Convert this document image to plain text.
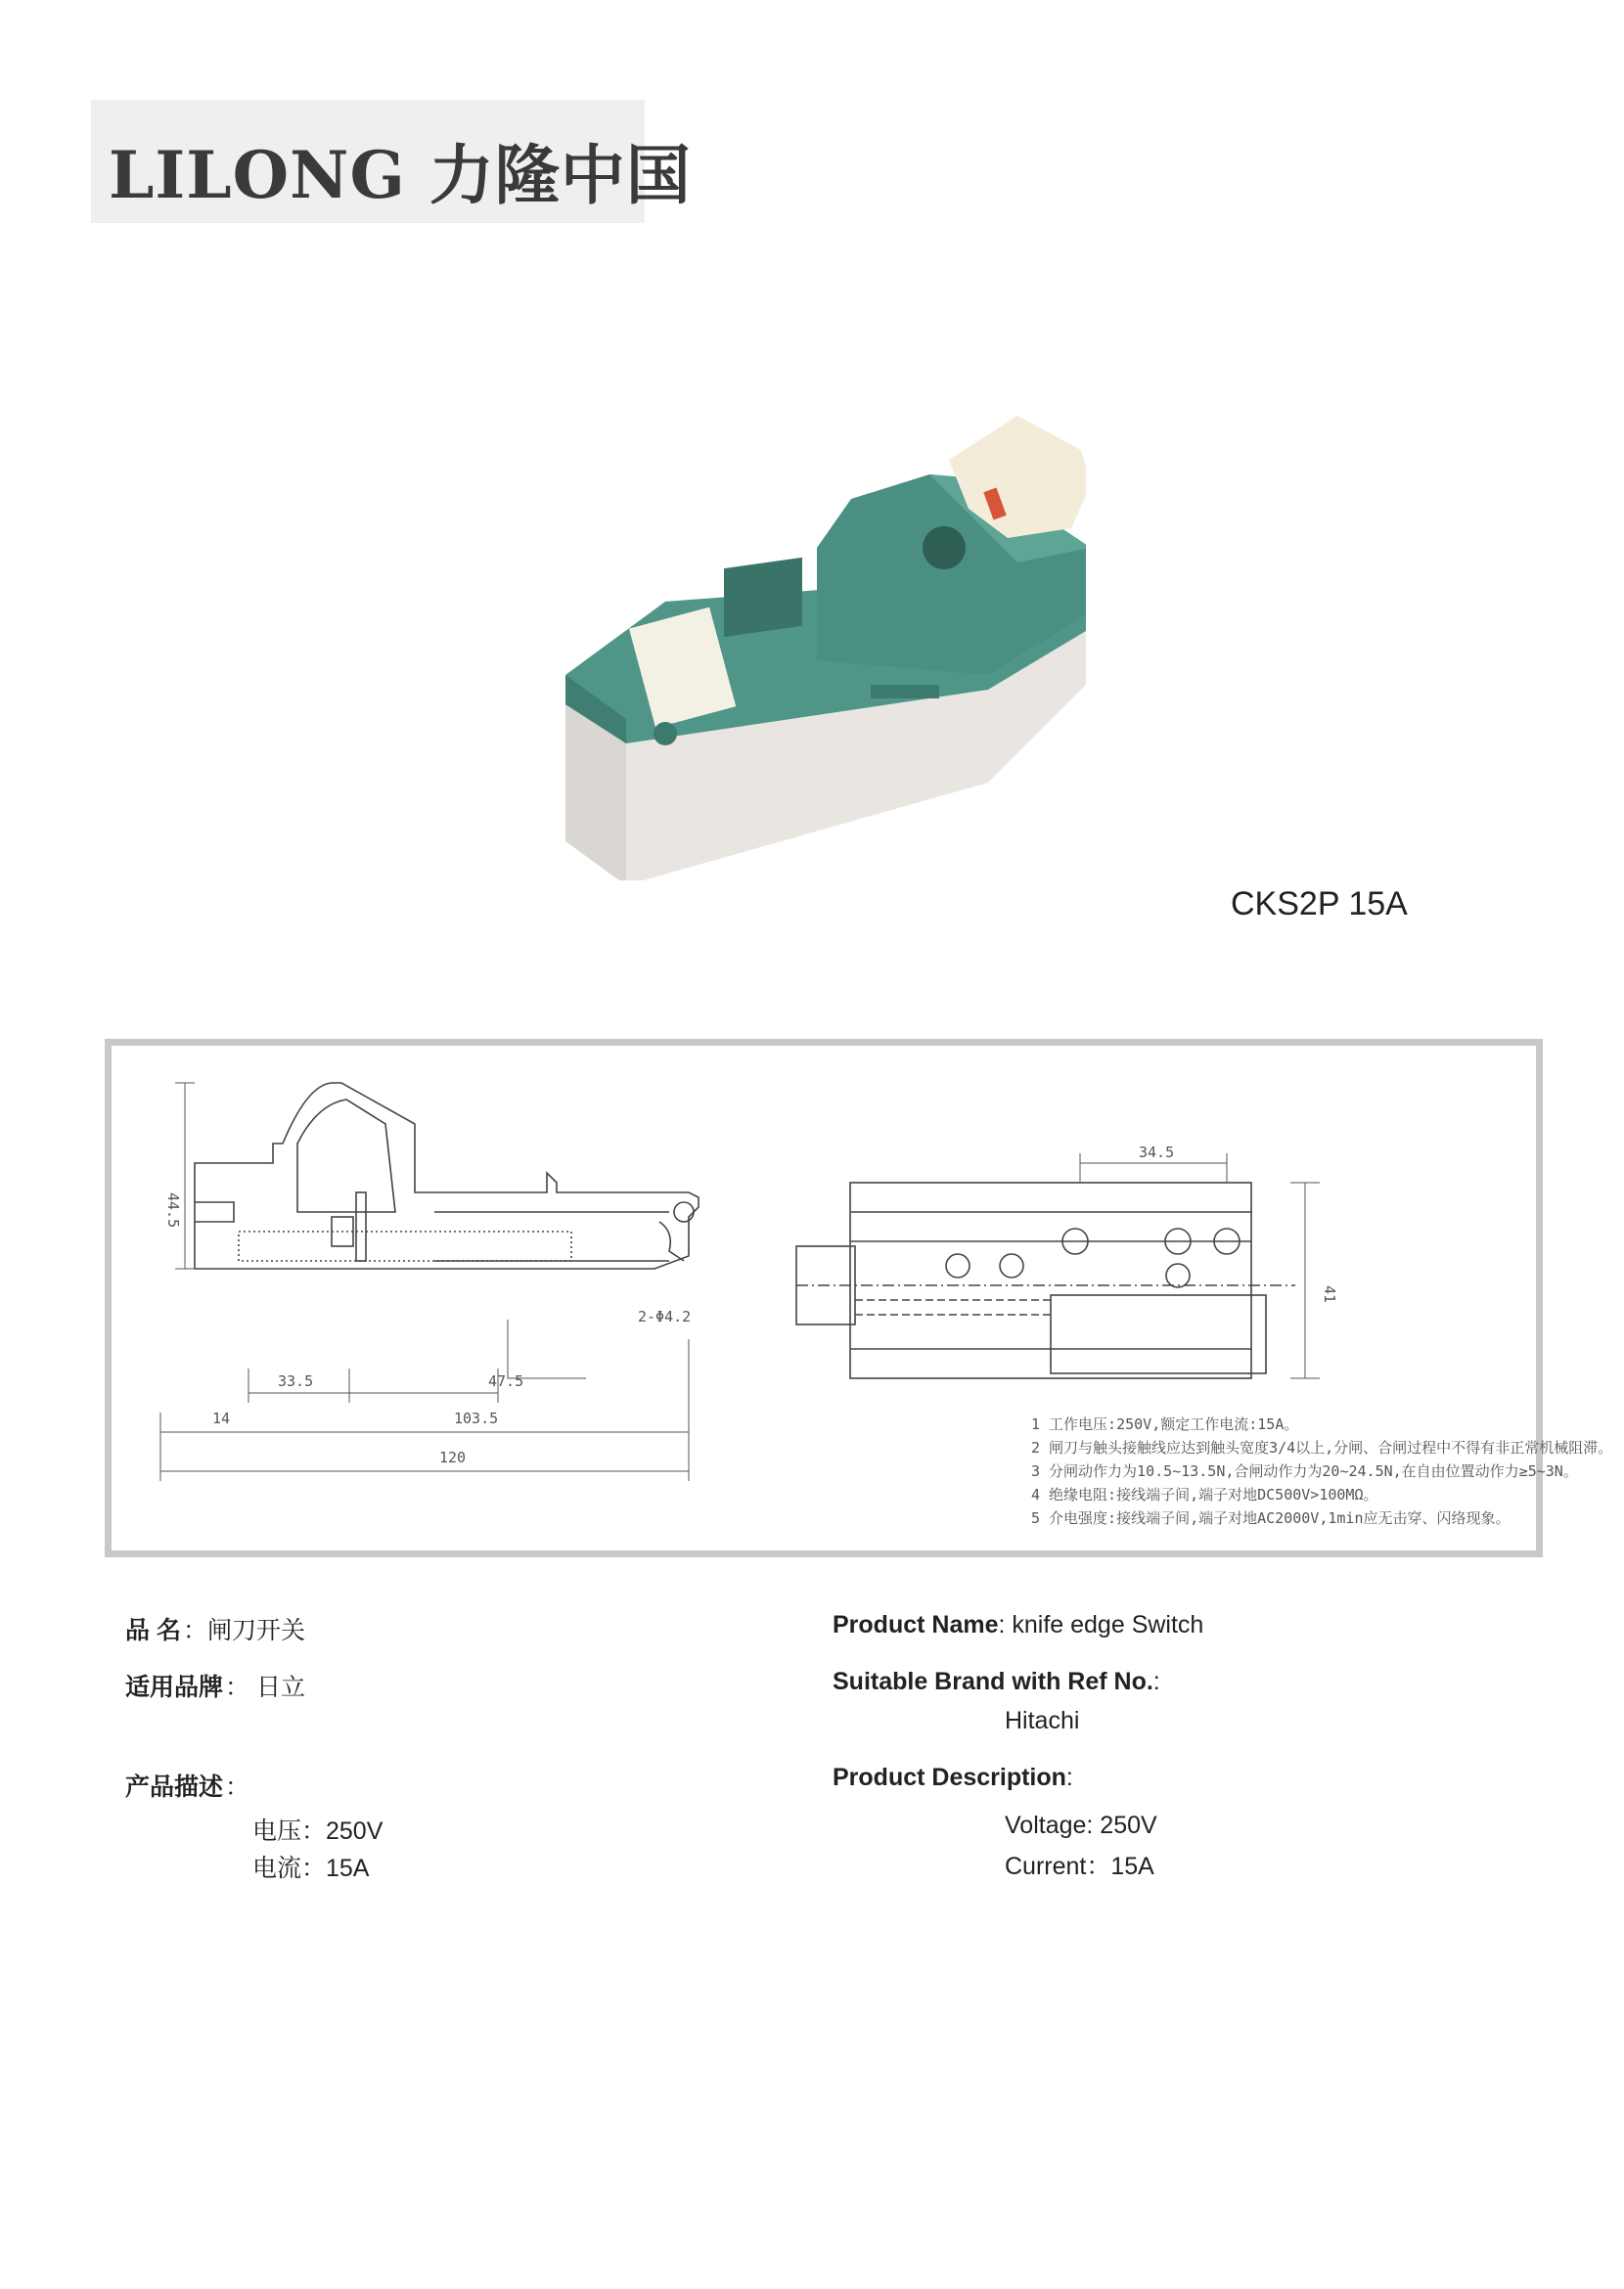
LILONG 力隆中国
CKS2P 15A
44.5
33.5	47.5
2-Φ4.2
14	103.5
120
34.5
41
1 工作电压:250V,额定工作电流:15A。
2 闸刀与触头接触线应达到触头宽度3/4以上,分闸、合闸过程中不得有非正常机械阻滞。
3 分闸动作力为10.5~13.5N,合闸动作力为20~24.5N,在自由位置动作力≥5~3N。
4 绝缘电阻:接线端子间,端子对地DC500V>100MΩ。
5 介电强度:接线端子间,端子对地AC2000V,1min应无击穿、闪络现象。
品 名：闸刀开关
适用品牌： 日立
产品描述：
电压：250V
电流：15A
Product Name: knife edge Switch
Suitable Brand with Ref No.:
Hitachi
Product Description:
Voltage: 250V
Current：15A
